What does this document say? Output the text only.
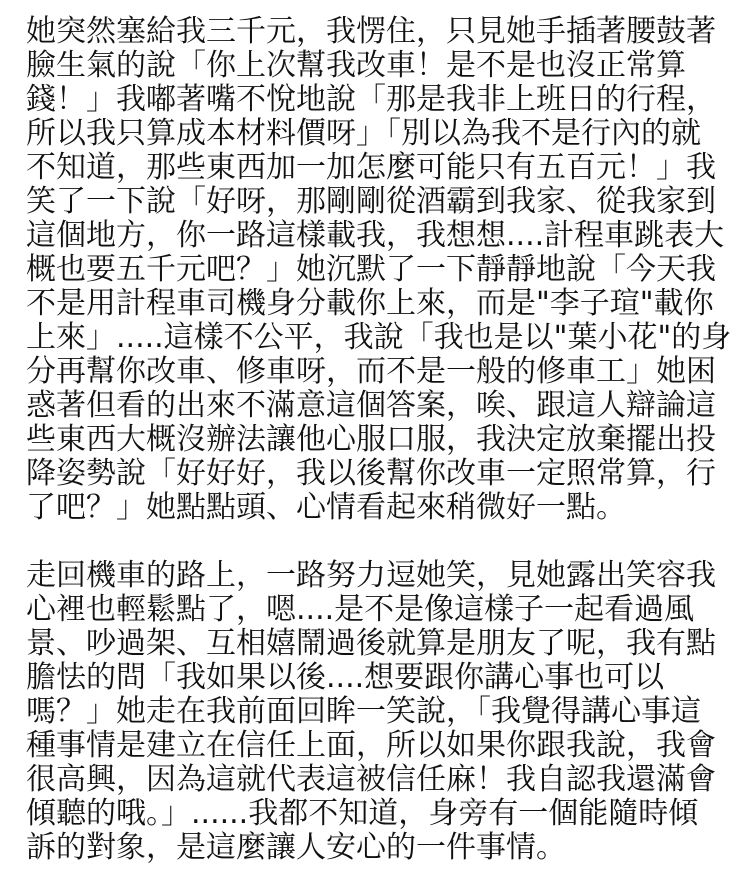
她突然塞給我三千元，我愣住，只見她手插著腰鼓著
臉生氣的說「你上次幫我改車！是不是也沒正常算
錢！」我嘟著嘴不悅地說「那是我非上班日的行程，
所以我只算成本材料價呀」「別以為我不是行內的就
不知道，那些東西加一加怎麼可能只有五百元！」我
笑了一下說「好呀，那剛剛從酒霸到我家、從我家到
這個地方，你一路這樣載我，我想想....計程車跳表大
概也要五千元吧？」她沉默了一下靜靜地說「今天我
不是用計程車司機身分載你上來，而是"李子瑄"載你
上來」.....這樣不公平，我說「我也是以"葉小花"的身
分再幫你改車、修車呀，而不是一般的修車工」她困
惑著但看的出來不滿意這個答案，唉、跟這人辯論這
些東西大概沒辦法讓他心服口服，我決定放棄擺出投
降姿勢說「好好好，我以後幫你改車一定照常算，行
了吧？」她點點頭、心情看起來稍微好一點。
走回機車的路上，一路努力逗她笑，見她露出笑容我
心裡也輕鬆點了，嗯....是不是像這樣子一起看過風
景、吵過架、互相嬉鬧過後就算是朋友了呢，我有點
膽怯的問「我如果以後....想要跟你講心事也可以
嗎？」她走在我前面回眸一笑說，「我覺得講心事這
種事情是建立在信任上面，所以如果你跟我說，我會
很高興，因為這就代表這被信任麻！我自認我還滿會
傾聽的哦。」......我都不知道，身旁有一個能隨時傾
訴的對象，是這麼讓人安心的一件事情。
